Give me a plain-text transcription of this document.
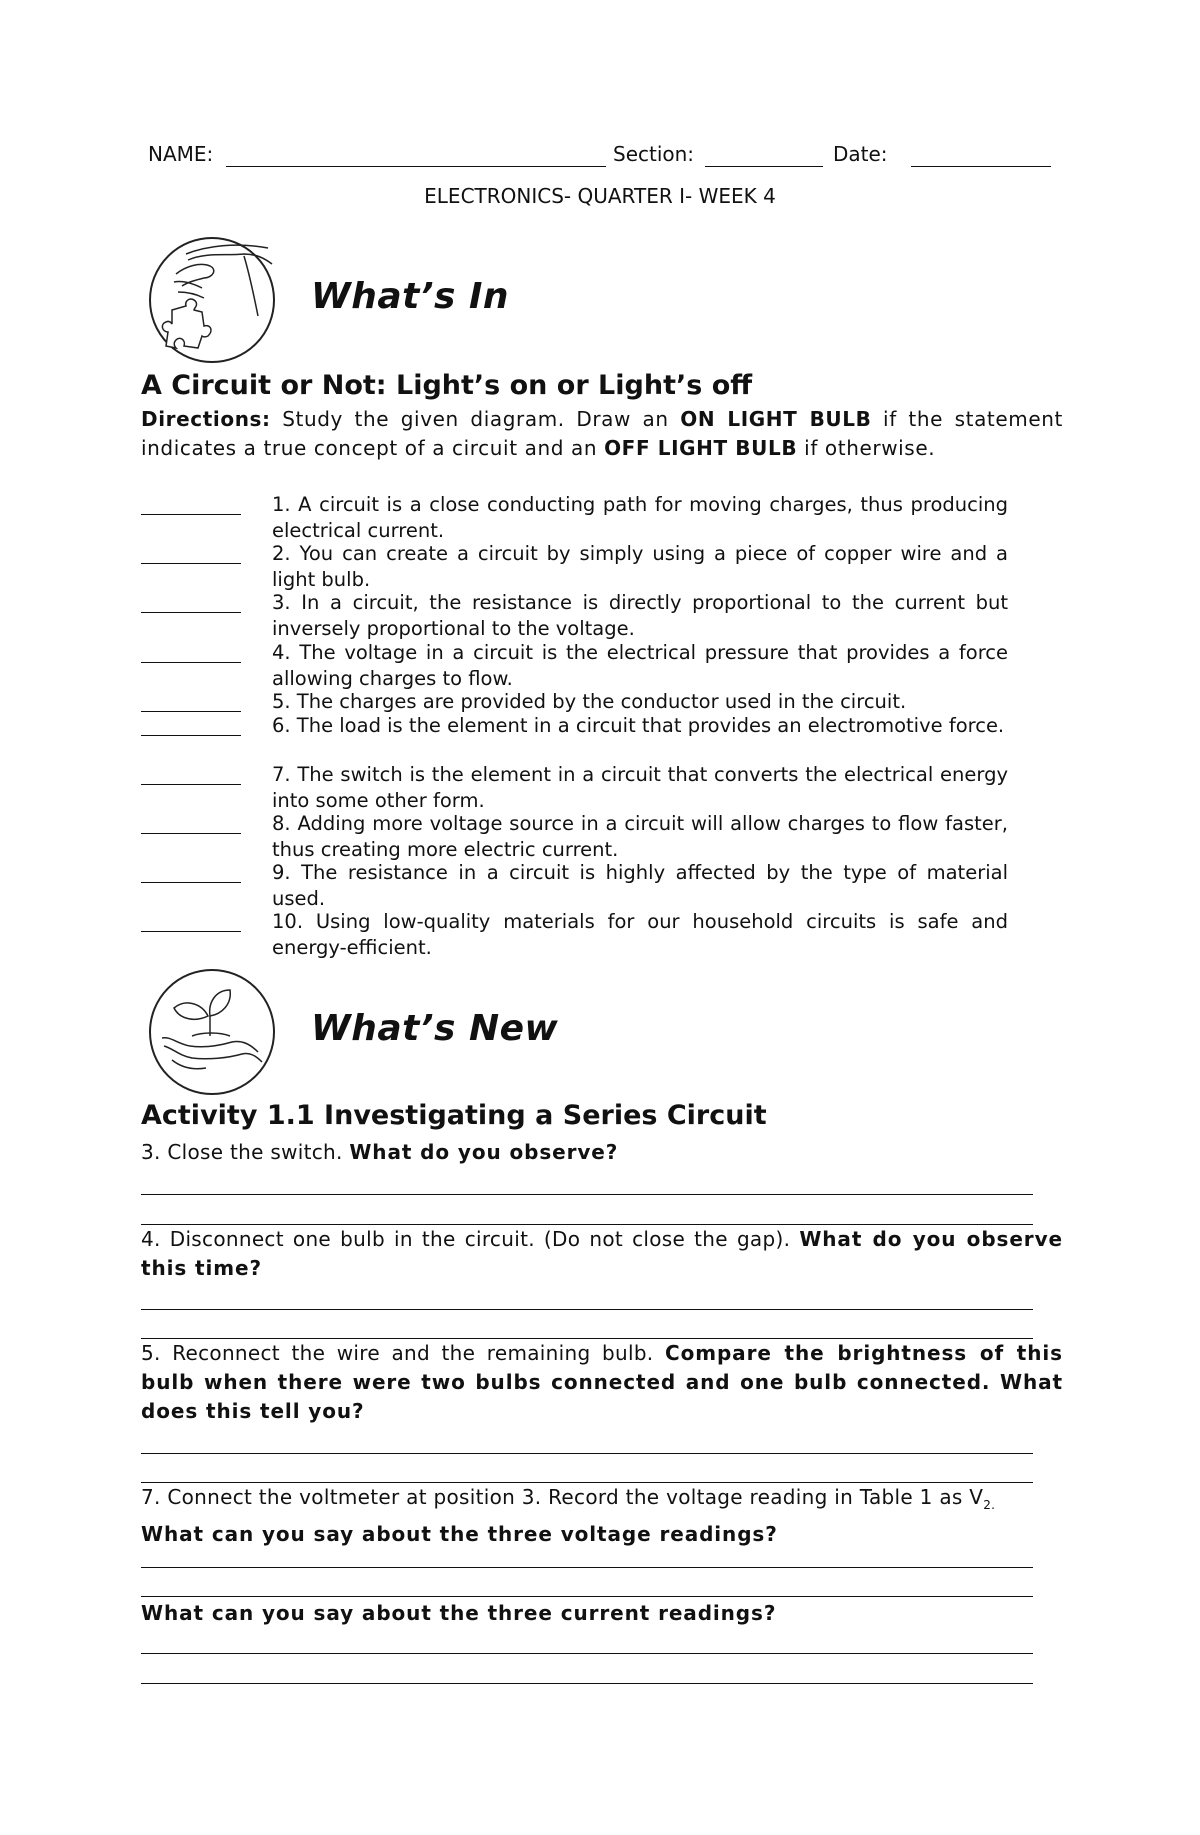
NAME:	Section:	Date:
ELECTRONICS- QUARTER I- WEEK 4
What’s In
A Circuit or Not: Light’s on or Light’s off
Directions: Study the given diagram. Draw an ON LIGHT BULB if the statement indicates a true concept of a circuit and an OFF LIGHT BULB if otherwise.
1. A circuit is a close conducting path for moving charges, thus producing electrical current.
2. You can create a circuit by simply using a piece of copper wire and a light bulb.
3. In a circuit, the resistance is directly proportional to the current but inversely proportional to the voltage.
4. The voltage in a circuit is the electrical pressure that provides a force allowing charges to flow.
5. The charges are provided by the conductor used in the circuit.
6. The load is the element in a circuit that provides an electromotive force.
7. The switch is the element in a circuit that converts the electrical energy into some other form.
8. Adding more voltage source in a circuit will allow charges to flow faster, thus creating more electric current.
9. The resistance in a circuit is highly affected by the type of material used.
10. Using low-quality materials for our household circuits is safe and energy-efficient.
What’s New
Activity 1.1 Investigating a Series Circuit
3. Close the switch. What do you observe?
4. Disconnect one bulb in the circuit. (Do not close the gap). What do you observe this time?
5. Reconnect the wire and the remaining bulb. Compare the brightness of this bulb when there were two bulbs connected and one bulb connected. What does this tell you?
7. Connect the voltmeter at position 3. Record the voltage reading in Table 1 as $V_{2.}$
What can you say about the three voltage readings?
What can you say about the three current readings?
